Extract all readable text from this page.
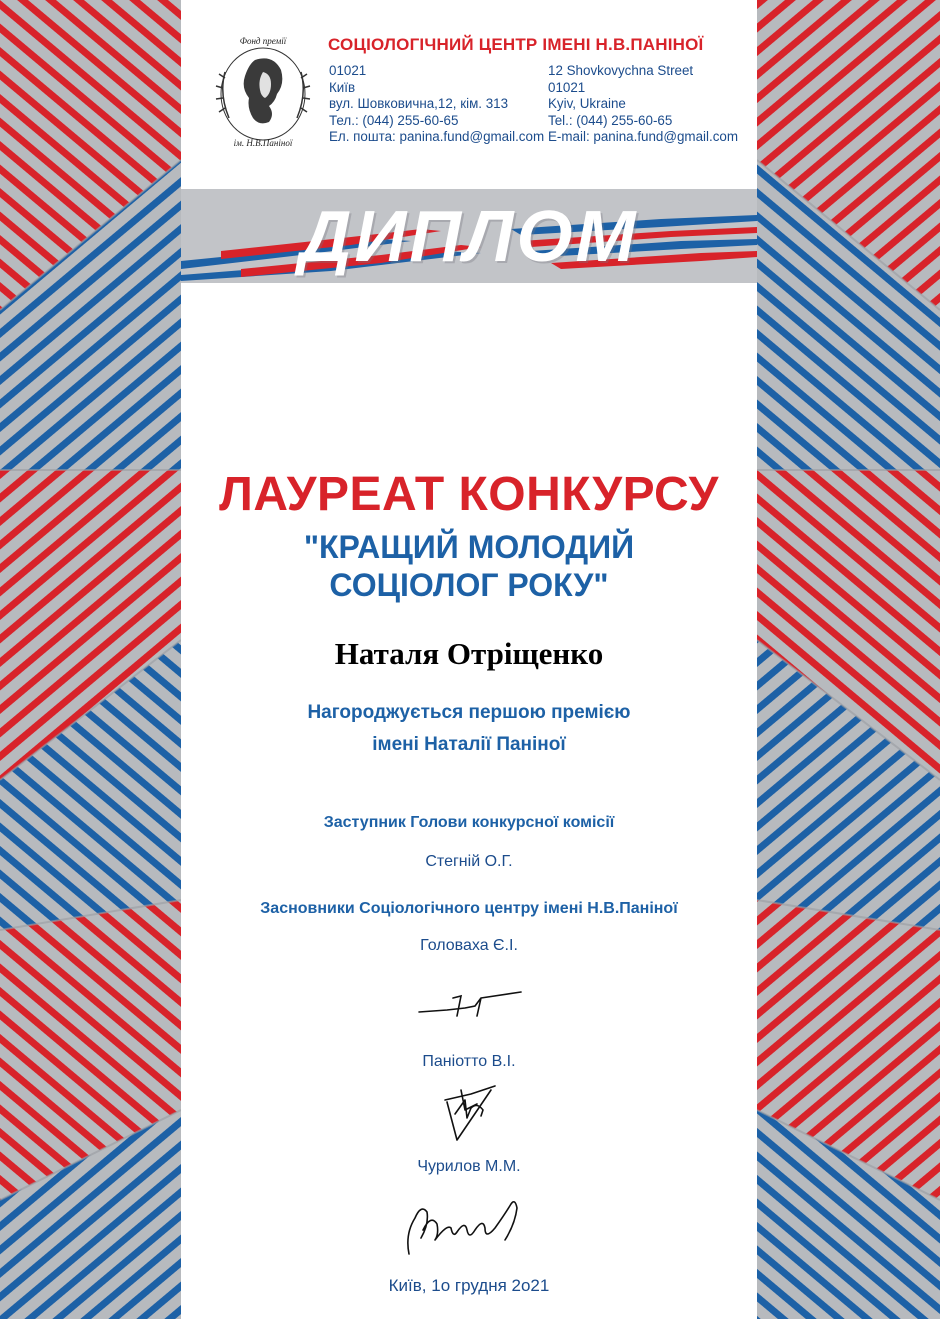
Фонд премії
ім. Н.В.Паніної

СОЦІОЛОГІЧНИЙ ЦЕНТР ІМЕНІ Н.В.ПАНІНОЇ

01021
Київ
вул. Шовковична,12, кім. 313
Тел.: (044) 255-60-65
Ел. пошта: panina.fund@gmail.com
12 Shovkovychna Street
01021
Kyiv, Ukraine
Tel.: (044) 255-60-65
E-mail: panina.fund@gmail.com

ДИПЛОМ

ЛАУРЕАТ КОНКУРСУ

"КРАЩИЙ МОЛОДИЙ
СОЦІОЛОГ РОКУ"

Наталя Отріщенко

Нагороджується першою премією
імені Наталії Паніної

Заступник Голови конкурсної комісії

Стегній О.Г.

Засновники Соціологічного центру імені Н.В.Паніної

Головаха Є.І.

Паніотто В.І.

Чурилов М.М.

Київ, 1о грудня 2о21
